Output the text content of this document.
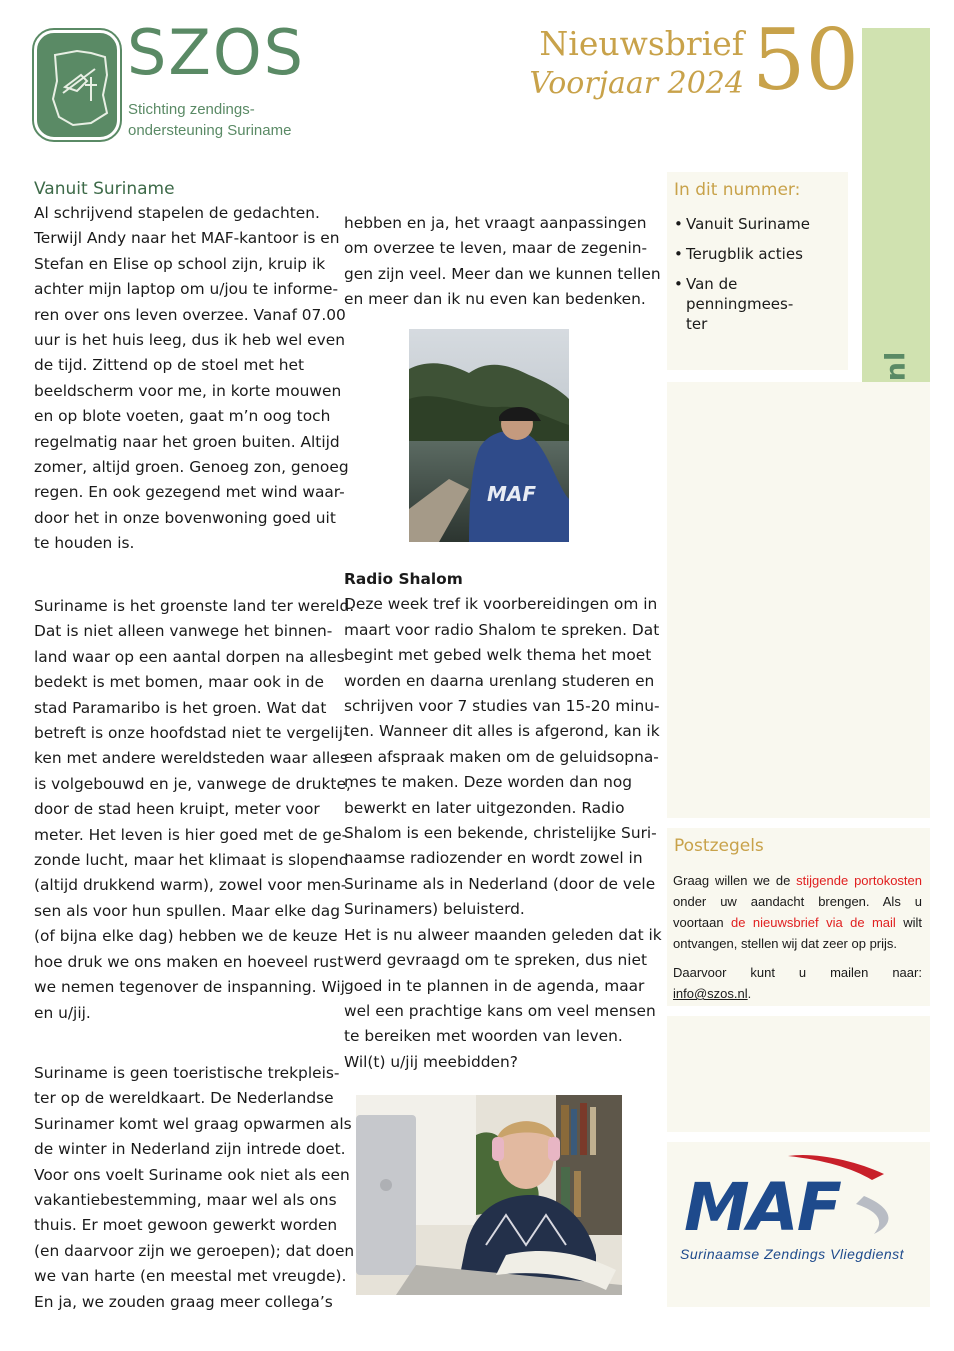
SZOS
Stichting zendings-
ondersteuning Suriname
Nieuwsbrief
Voorjaar 2024 50
In dit nummer:
• Vanuit Suriname
• Terugblik acties
• Van de penningmees-
ter
Postzegels
Graag willen we de stijgende portokosten onder uw aandacht brengen. Als u voortaan de nieuwsbrief via de mail wilt ontvangen, stellen wij dat zeer op prijs.
Daarvoor kunt u mailen naar:
info@szos.nl.
MAF
Surinaamse Zendings Vliegdienst
Vanuit Suriname
Al schrijvend stapelen de gedachten.
Terwijl Andy naar het MAF-kantoor is en
Stefan en Elise op school zijn, kruip ik
achter mijn laptop om u/jou te informe-
ren over ons leven overzee. Vanaf 07.00
uur is het huis leeg, dus ik heb wel even
de tijd. Zittend op de stoel met het
beeldscherm voor me, in korte mouwen
en op blote voeten, gaat m’n oog toch
regelmatig naar het groen buiten. Altijd
zomer, altijd groen. Genoeg zon, genoeg
regen. En ook gezegend met wind waar-
door het in onze bovenwoning goed uit
te houden is.
Suriname is het groenste land ter wereld.
Dat is niet alleen vanwege het binnen-
land waar op een aantal dorpen na alles
bedekt is met bomen, maar ook in de
stad Paramaribo is het groen. Wat dat
betreft is onze hoofdstad niet te vergelij-
ken met andere wereldsteden waar alles
is volgebouwd en je, vanwege de drukte,
door de stad heen kruipt, meter voor
meter. Het leven is hier goed met de ge-
zonde lucht, maar het klimaat is slopend
(altijd drukkend warm), zowel voor men-
sen als voor hun spullen. Maar elke dag
(of bijna elke dag) hebben we de keuze
hoe druk we ons maken en hoeveel rust
we nemen tegenover de inspanning. Wij
en u/jij.
Suriname is geen toeristische trekpleis-
ter op de wereldkaart. De Nederlandse
Surinamer komt wel graag opwarmen als
de winter in Nederland zijn intrede doet.
Voor ons voelt Suriname ook niet als een
vakantiebestemming, maar wel als ons
thuis. Er moet gewoon gewerkt worden
(en daarvoor zijn we geroepen); dat doen
we van harte (en meestal met vreugde).
En ja, we zouden graag meer collega’s
hebben en ja, het vraagt aanpassingen
om overzee te leven, maar de zegenin-
gen zijn veel. Meer dan we kunnen tellen
en meer dan ik nu even kan bedenken.
MAF
Radio Shalom
Deze week tref ik voorbereidingen om in
maart voor radio Shalom te spreken. Dat
begint met gebed welk thema het moet
worden en daarna urenlang studeren en
schrijven voor 7 studies van 15-20 minu-
ten. Wanneer dit alles is afgerond, kan ik
een afspraak maken om de geluidsopna-
mes te maken. Deze worden dan nog
bewerkt en later uitgezonden. Radio
Shalom is een bekende, christelijke Suri-
naamse radiozender en wordt zowel in
Suriname als in Nederland (door de vele
Surinamers) beluisterd.
Het is nu alweer maanden geleden dat ik
werd gevraagd om te spreken, dus niet
goed in te plannen in de agenda, maar
wel een prachtige kans om veel mensen
te bereiken met woorden van leven.
Wil(t) u/jij meebidden?
